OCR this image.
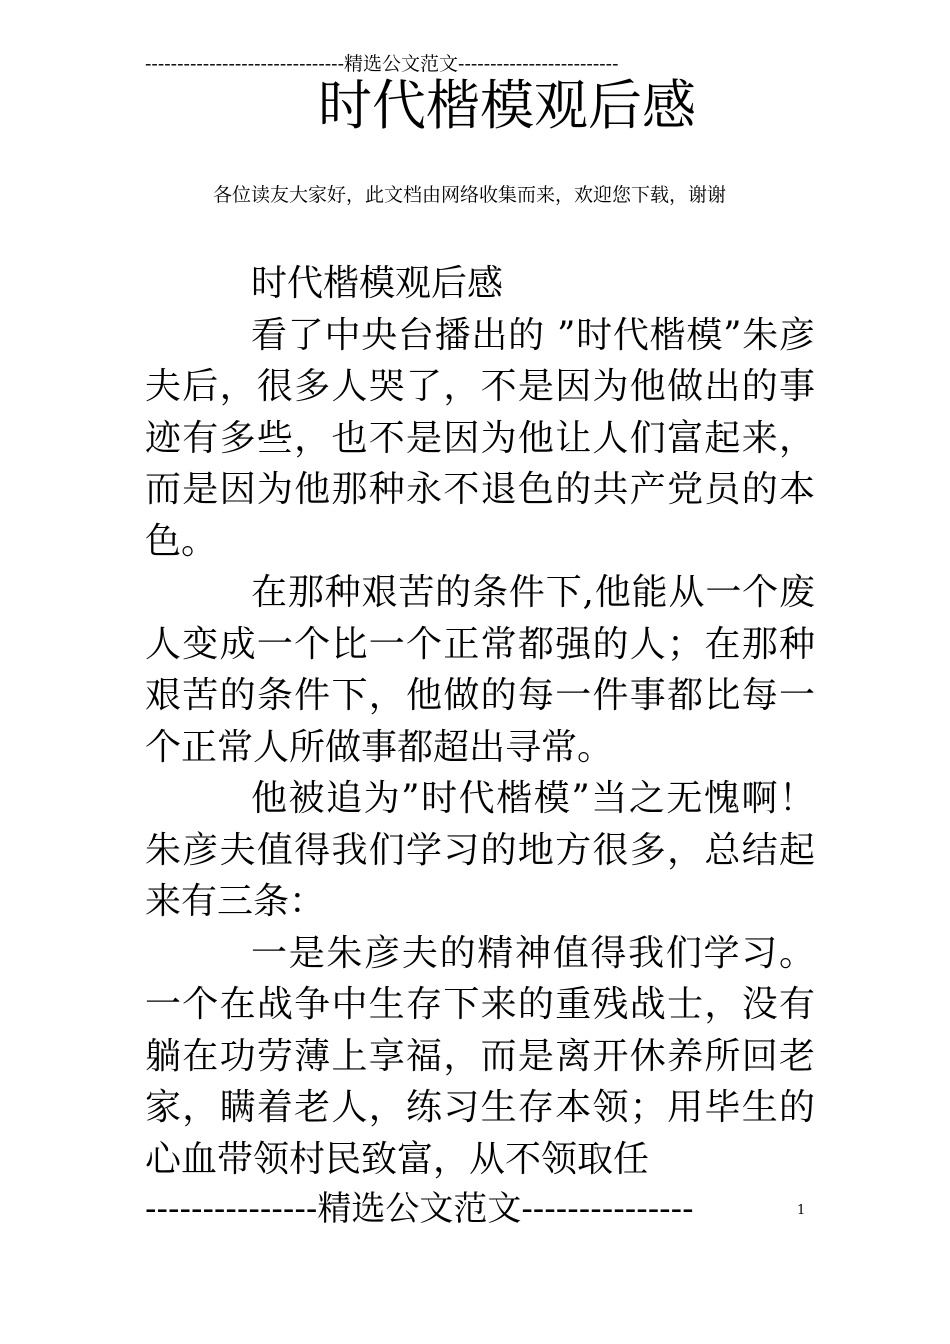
-------------------------------精选公文范文-------------------------
时代楷模观后感
各位读友大家好，此文档由网络收集而来，欢迎您下载，谢谢

时代楷模观后感

看了中央台播出的 ”时代楷模”朱彦夫后，很多人哭了，不是因为他做出的事迹有多些，也不是因为他让人们富起来，而是因为他那种永不退色的共产党员的本色。

在那种艰苦的条件下,他能从一个废人变成一个比一个正常都强的人；在那种艰苦的条件下，他做的每一件事都比每一个正常人所做事都超出寻常。

他被追为”时代楷模”当之无愧啊！朱彦夫值得我们学习的地方很多，总结起来有三条：

一是朱彦夫的精神值得我们学习。一个在战争中生存下来的重残战士，没有躺在功劳薄上享福，而是离开休养所回老家，瞒着老人，练习生存本领；用毕生的心血带领村民致富，从不领取任

---------------精选公文范文---------------	1
